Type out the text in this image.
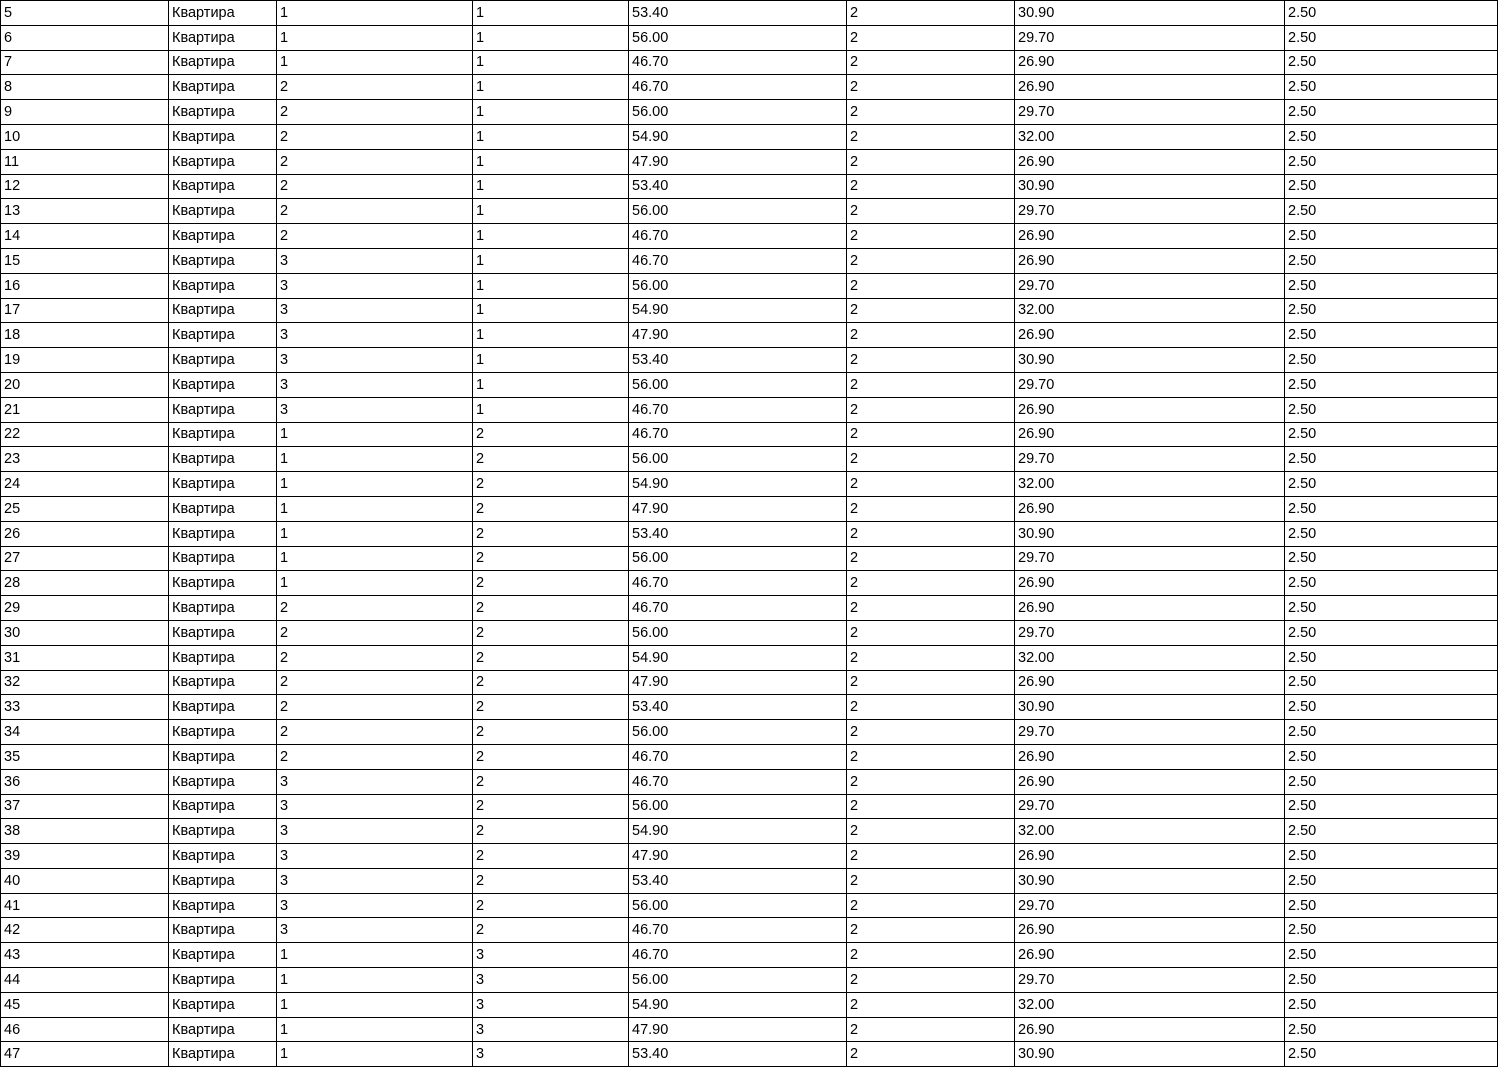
5	Квартира	1	1	53.40	2	30.90	2.50
6	Квартира	1	1	56.00	2	29.70	2.50
7	Квартира	1	1	46.70	2	26.90	2.50
8	Квартира	2	1	46.70	2	26.90	2.50
9	Квартира	2	1	56.00	2	29.70	2.50
10	Квартира	2	1	54.90	2	32.00	2.50
11	Квартира	2	1	47.90	2	26.90	2.50
12	Квартира	2	1	53.40	2	30.90	2.50
13	Квартира	2	1	56.00	2	29.70	2.50
14	Квартира	2	1	46.70	2	26.90	2.50
15	Квартира	3	1	46.70	2	26.90	2.50
16	Квартира	3	1	56.00	2	29.70	2.50
17	Квартира	3	1	54.90	2	32.00	2.50
18	Квартира	3	1	47.90	2	26.90	2.50
19	Квартира	3	1	53.40	2	30.90	2.50
20	Квартира	3	1	56.00	2	29.70	2.50
21	Квартира	3	1	46.70	2	26.90	2.50
22	Квартира	1	2	46.70	2	26.90	2.50
23	Квартира	1	2	56.00	2	29.70	2.50
24	Квартира	1	2	54.90	2	32.00	2.50
25	Квартира	1	2	47.90	2	26.90	2.50
26	Квартира	1	2	53.40	2	30.90	2.50
27	Квартира	1	2	56.00	2	29.70	2.50
28	Квартира	1	2	46.70	2	26.90	2.50
29	Квартира	2	2	46.70	2	26.90	2.50
30	Квартира	2	2	56.00	2	29.70	2.50
31	Квартира	2	2	54.90	2	32.00	2.50
32	Квартира	2	2	47.90	2	26.90	2.50
33	Квартира	2	2	53.40	2	30.90	2.50
34	Квартира	2	2	56.00	2	29.70	2.50
35	Квартира	2	2	46.70	2	26.90	2.50
36	Квартира	3	2	46.70	2	26.90	2.50
37	Квартира	3	2	56.00	2	29.70	2.50
38	Квартира	3	2	54.90	2	32.00	2.50
39	Квартира	3	2	47.90	2	26.90	2.50
40	Квартира	3	2	53.40	2	30.90	2.50
41	Квартира	3	2	56.00	2	29.70	2.50
42	Квартира	3	2	46.70	2	26.90	2.50
43	Квартира	1	3	46.70	2	26.90	2.50
44	Квартира	1	3	56.00	2	29.70	2.50
45	Квартира	1	3	54.90	2	32.00	2.50
46	Квартира	1	3	47.90	2	26.90	2.50
47	Квартира	1	3	53.40	2	30.90	2.50
